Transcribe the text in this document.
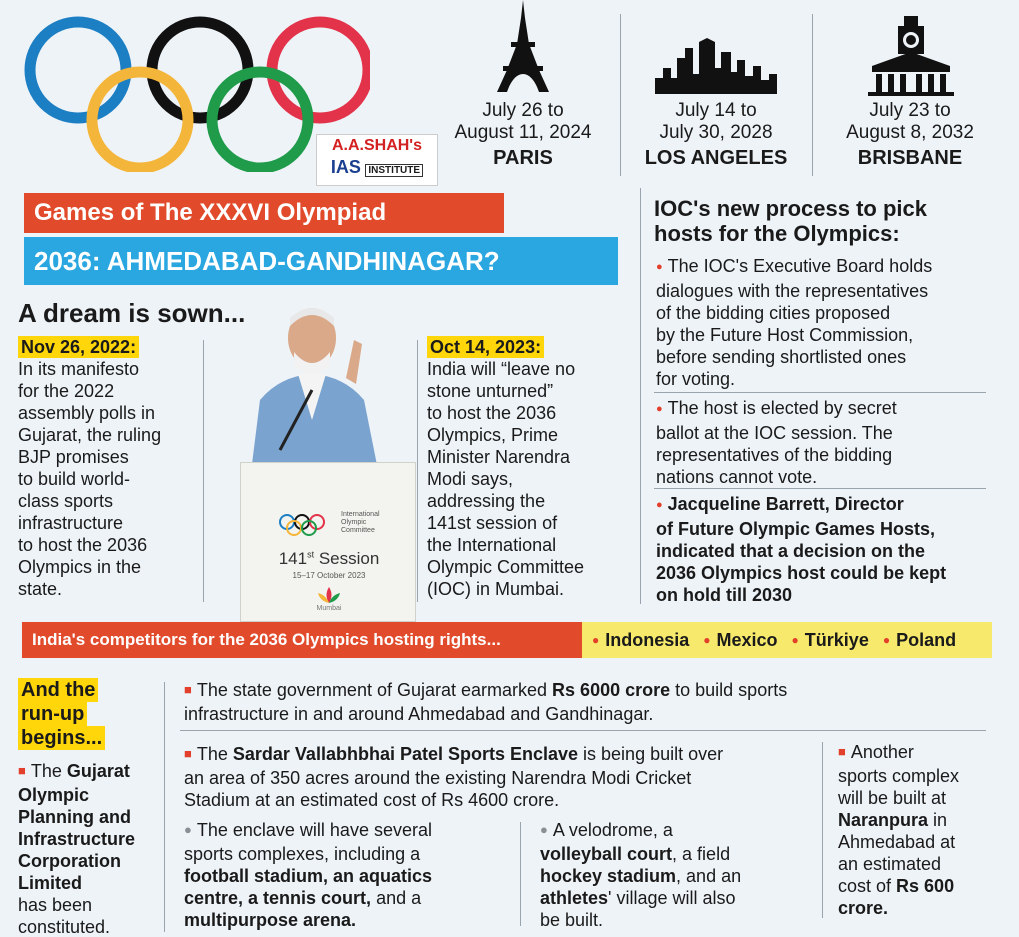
A.A.SHAH's
IAS INSTITUTE
July 26 to
August 11, 2024
PARIS
July 14 to
July 30, 2028
LOS ANGELES
July 23 to
August 8, 2032
BRISBANE
Games of The XXXVI Olympiad
2036: AHMEDABAD-GANDHINAGAR?
A dream is sown...
Nov 26, 2022:
In its manifesto
for the 2022
assembly polls in
Gujarat, the ruling
BJP promises
to build world-
class sports
infrastructure
to host the 2036
Olympics in the
state.
International
Olympic
Committee
141st Session
15–17 October 2023
Mumbai
Oct 14, 2023:
India will “leave no
stone unturned”
to host the 2036
Olympics, Prime
Minister Narendra
Modi says,
addressing the
141st session of
the International
Olympic Committee
(IOC) in Mumbai.
IOC's new process to pick
hosts for the Olympics:
● The IOC's Executive Board holds
dialogues with the representatives
of the bidding cities proposed
by the Future Host Commission,
before sending shortlisted ones
for voting.
● The host is elected by secret
ballot at the IOC session. The
representatives of the bidding
nations cannot vote.
● Jacqueline Barrett, Director
of Future Olympic Games Hosts,
indicated that a decision on the
2036 Olympics host could be kept
on hold till 2030
India's competitors for the 2036 Olympics hosting rights...	● Indonesia ● Mexico ● Türkiye ● Poland
And the
run-up
begins...
■ The Gujarat
Olympic
Planning and
Infrastructure
Corporation
Limited
has been
constituted.
■ The state government of Gujarat earmarked Rs 6000 crore to build sports
infrastructure in and around Ahmedabad and Gandhinagar.
■ The Sardar Vallabhbhai Patel Sports Enclave is being built over
an area of 350 acres around the existing Narendra Modi Cricket
Stadium at an estimated cost of Rs 4600 crore.
● The enclave will have several
sports complexes, including a
football stadium, an aquatics
centre, a tennis court, and a
multipurpose arena.
● A velodrome, a
volleyball court, a field
hockey stadium, and an
athletes' village will also
be built.
■ Another
sports complex
will be built at
Naranpura in
Ahmedabad at
an estimated
cost of Rs 600
crore.
